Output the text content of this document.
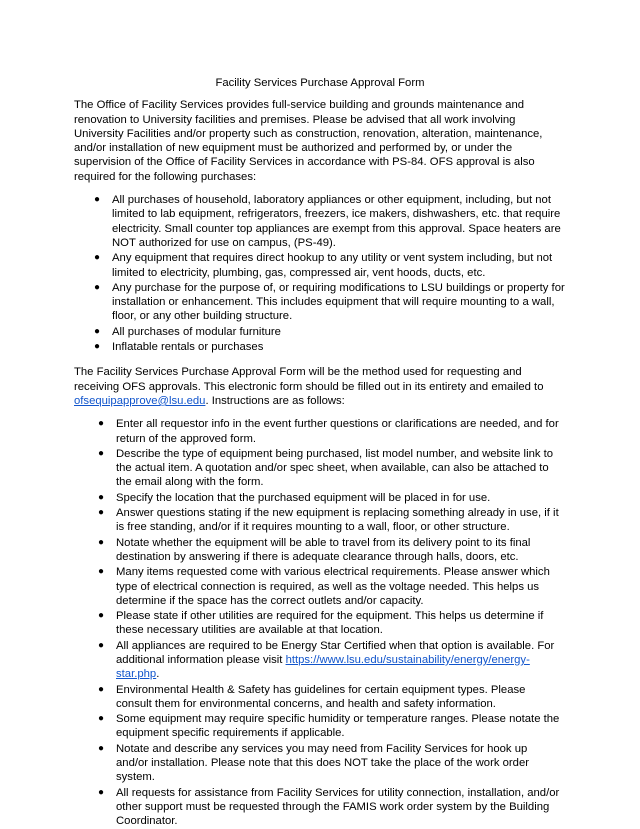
Facility Services Purchase Approval Form

The Office of Facility Services provides full-service building and grounds maintenance and renovation to University facilities and premises. Please be advised that all work involving University Facilities and/or property such as construction, renovation, alteration, maintenance, and/or installation of new equipment must be authorized and performed by, or under the supervision of the Office of Facility Services in accordance with PS-84. OFS approval is also required for the following purchases:

● All purchases of household, laboratory appliances or other equipment, including, but not limited to lab equipment, refrigerators, freezers, ice makers, dishwashers, etc. that require electricity. Small counter top appliances are exempt from this approval. Space heaters are NOT authorized for use on campus, (PS-49).
● Any equipment that requires direct hookup to any utility or vent system including, but not limited to electricity, plumbing, gas, compressed air, vent hoods, ducts, etc.
● Any purchase for the purpose of, or requiring modifications to LSU buildings or property for installation or enhancement. This includes equipment that will require mounting to a wall, floor, or any other building structure.
● All purchases of modular furniture
● Inflatable rentals or purchases

The Facility Services Purchase Approval Form will be the method used for requesting and receiving OFS approvals. This electronic form should be filled out in its entirety and emailed to ofsequipapprove@lsu.edu. Instructions are as follows:

● Enter all requestor info in the event further questions or clarifications are needed, and for return of the approved form.
● Describe the type of equipment being purchased, list model number, and website link to the actual item. A quotation and/or spec sheet, when available, can also be attached to the email along with the form.
● Specify the location that the purchased equipment will be placed in for use.
● Answer questions stating if the new equipment is replacing something already in use, if it is free standing, and/or if it requires mounting to a wall, floor, or other structure.
● Notate whether the equipment will be able to travel from its delivery point to its final destination by answering if there is adequate clearance through halls, doors, etc.
● Many items requested come with various electrical requirements. Please answer which type of electrical connection is required, as well as the voltage needed. This helps us determine if the space has the correct outlets and/or capacity.
● Please state if other utilities are required for the equipment. This helps us determine if these necessary utilities are available at that location.
● All appliances are required to be Energy Star Certified when that option is available. For additional information please visit https://www.lsu.edu/sustainability/energy/energy-star.php.
● Environmental Health & Safety has guidelines for certain equipment types. Please consult them for environmental concerns, and health and safety information.
● Some equipment may require specific humidity or temperature ranges. Please notate the equipment specific requirements if applicable.
● Notate and describe any services you may need from Facility Services for hook up and/or installation. Please note that this does NOT take the place of the work order system.
● All requests for assistance from Facility Services for utility connection, installation, and/or other support must be requested through the FAMIS work order system by the Building Coordinator.
